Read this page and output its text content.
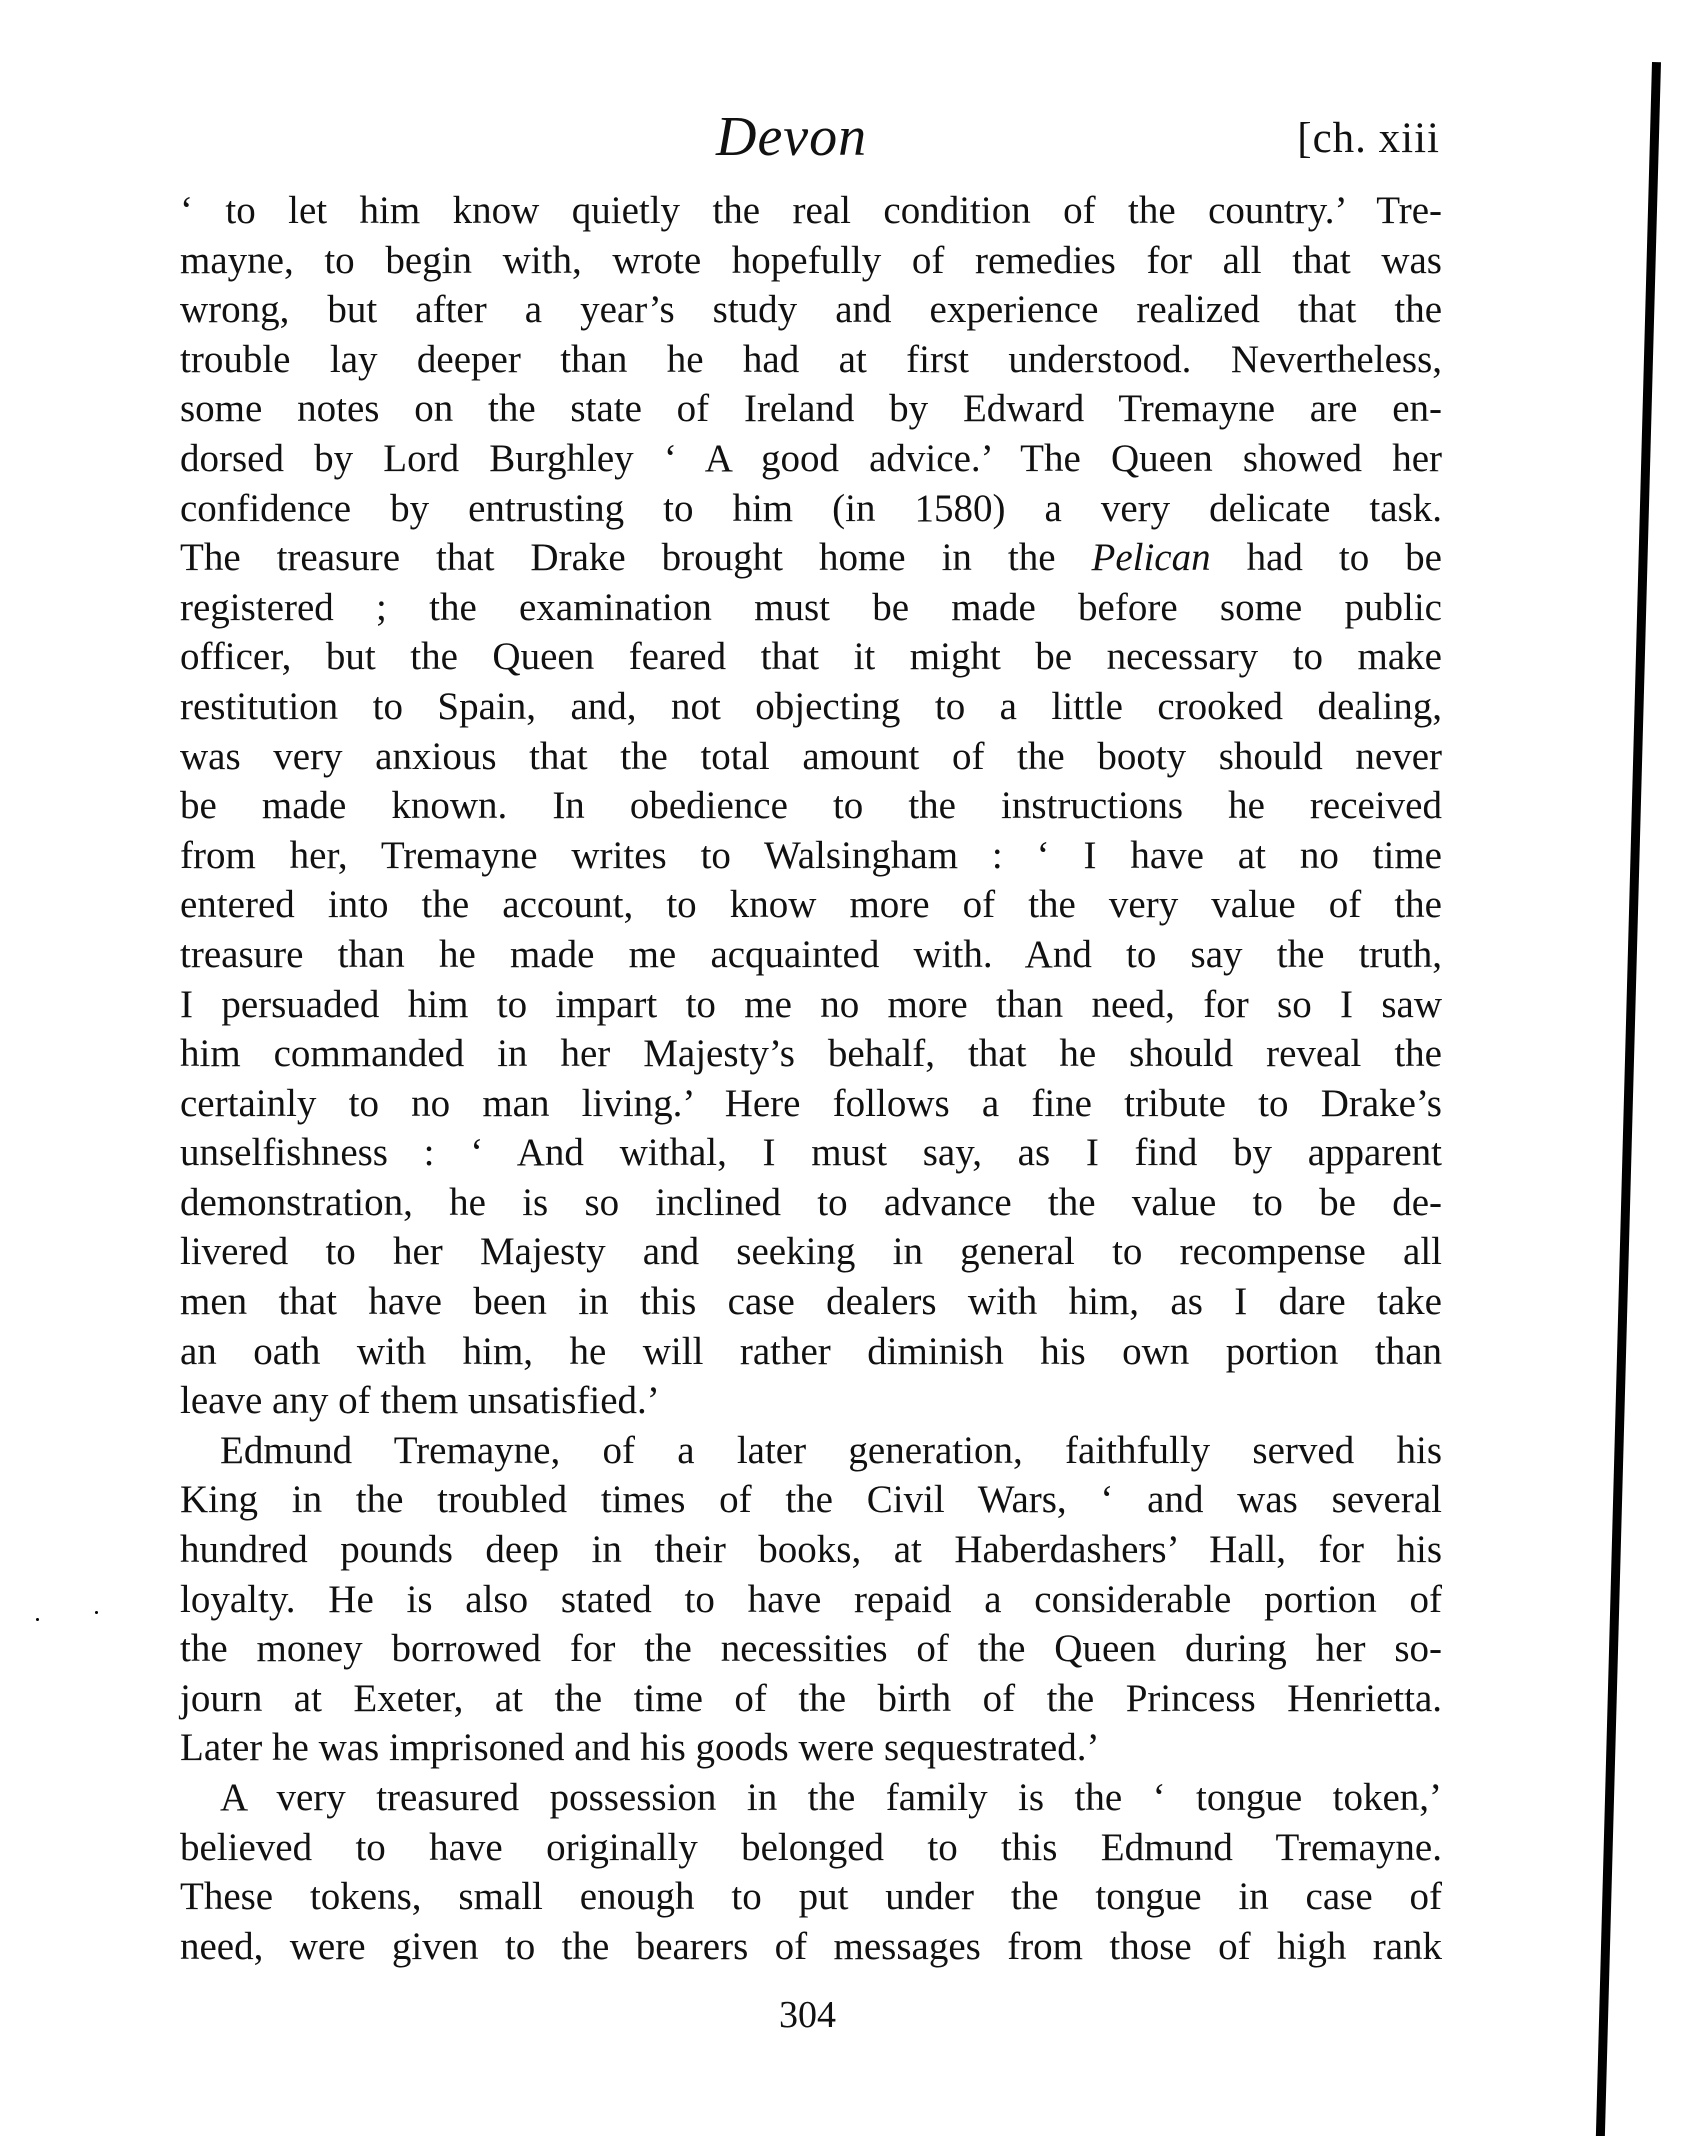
Devon	[ch. xiii
‘ to let him know quietly the real condition of the country.’ Tre-
mayne, to begin with, wrote hopefully of remedies for all that was
wrong, but after a year’s study and experience realized that the
trouble lay deeper than he had at first understood. Nevertheless,
some notes on the state of Ireland by Edward Tremayne are en-
dorsed by Lord Burghley ‘ A good advice.’ The Queen showed her
confidence by entrusting to him (in 1580) a very delicate task.
The treasure that Drake brought home in the Pelican had to be
registered ; the examination must be made before some public
officer, but the Queen feared that it might be necessary to make
restitution to Spain, and, not objecting to a little crooked dealing,
was very anxious that the total amount of the booty should never
be made known. In obedience to the instructions he received
from her, Tremayne writes to Walsingham : ‘ I have at no time
entered into the account, to know more of the very value of the
treasure than he made me acquainted with. And to say the truth,
I persuaded him to impart to me no more than need, for so I saw
him commanded in her Majesty’s behalf, that he should reveal the
certainly to no man living.’ Here follows a fine tribute to Drake’s
unselfishness : ‘ And withal, I must say, as I find by apparent
demonstration, he is so inclined to advance the value to be de-
livered to her Majesty and seeking in general to recompense all
men that have been in this case dealers with him, as I dare take
an oath with him, he will rather diminish his own portion than
leave any of them unsatisfied.’
Edmund Tremayne, of a later generation, faithfully served his
King in the troubled times of the Civil Wars, ‘ and was several
hundred pounds deep in their books, at Haberdashers’ Hall, for his
loyalty. He is also stated to have repaid a considerable portion of
the money borrowed for the necessities of the Queen during her so-
journ at Exeter, at the time of the birth of the Princess Henrietta.
Later he was imprisoned and his goods were sequestrated.’
A very treasured possession in the family is the ‘ tongue token,’
believed to have originally belonged to this Edmund Tremayne.
These tokens, small enough to put under the tongue in case of
need, were given to the bearers of messages from those of high rank
304
